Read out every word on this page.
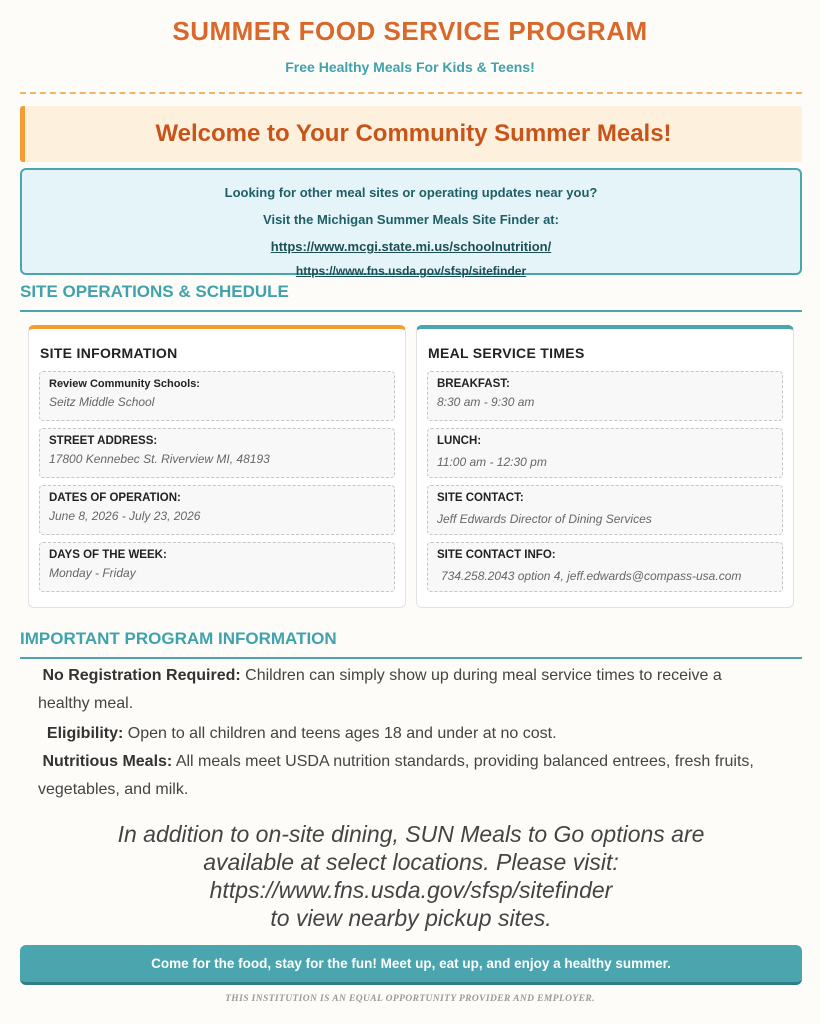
SUMMER FOOD SERVICE PROGRAM
Free Healthy Meals For Kids & Teens!
Welcome to Your Community Summer Meals!
Looking for other meal sites or operating updates near you?
Visit the Michigan Summer Meals Site Finder at:
https://www.mcgi.state.mi.us/schoolnutrition/
https://www.fns.usda.gov/sfsp/sitefinder
SITE OPERATIONS & SCHEDULE
SITE INFORMATION
Review Community Schools:
Seitz Middle School
STREET ADDRESS:
17800 Kennebec St. Riverview MI, 48193
DATES OF OPERATION:
June 8, 2026 - July 23, 2026
DAYS OF THE WEEK:
Monday - Friday
MEAL SERVICE TIMES
BREAKFAST:
8:30 am - 9:30 am
LUNCH:
11:00 am - 12:30 pm
SITE CONTACT:
Jeff Edwards Director of Dining Services
SITE CONTACT INFO:
734.258.2043 option 4, jeff.edwards@compass-usa.com
IMPORTANT PROGRAM INFORMATION
No Registration Required: Children can simply show up during meal service times to receive a healthy meal.
Eligibility: Open to all children and teens ages 18 and under at no cost.
Nutritious Meals: All meals meet USDA nutrition standards, providing balanced entrees, fresh fruits, vegetables, and milk.
In addition to on-site dining, SUN Meals to Go options are
available at select locations. Please visit:
https://www.fns.usda.gov/sfsp/sitefinder
to view nearby pickup sites.
Come for the food, stay for the fun! Meet up, eat up, and enjoy a healthy summer.
THIS INSTITUTION IS AN EQUAL OPPORTUNITY PROVIDER AND EMPLOYER.
